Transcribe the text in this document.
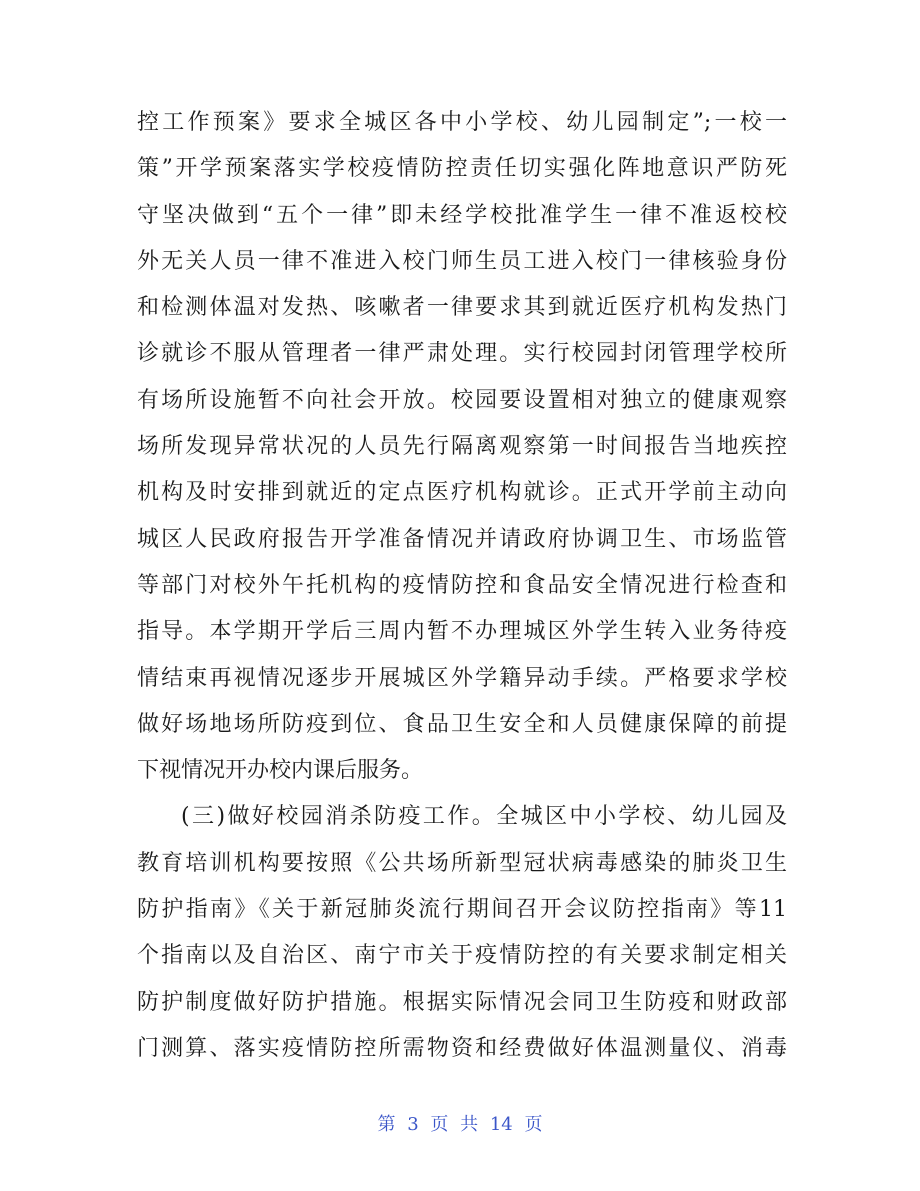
控工作预案》要求全城区各中小学校、幼儿园制定”;一校一
策”开学预案落实学校疫情防控责任切实强化阵地意识严防死
守坚决做到“五个一律”即未经学校批准学生一律不准返校校
外无关人员一律不准进入校门师生员工进入校门一律核验身份
和检测体温对发热、咳嗽者一律要求其到就近医疗机构发热门
诊就诊不服从管理者一律严肃处理。实行校园封闭管理学校所
有场所设施暂不向社会开放。校园要设置相对独立的健康观察
场所发现异常状况的人员先行隔离观察第一时间报告当地疾控
机构及时安排到就近的定点医疗机构就诊。正式开学前主动向
城区人民政府报告开学准备情况并请政府协调卫生、市场监管
等部门对校外午托机构的疫情防控和食品安全情况进行检查和
指导。本学期开学后三周内暂不办理城区外学生转入业务待疫
情结束再视情况逐步开展城区外学籍异动手续。严格要求学校
做好场地场所防疫到位、食品卫生安全和人员健康保障的前提
下视情况开办校内课后服务。
(三)做好校园消杀防疫工作。全城区中小学校、幼儿园及
教育培训机构要按照《公共场所新型冠状病毒感染的肺炎卫生
防护指南》《关于新冠肺炎流行期间召开会议防控指南》等11
个指南以及自治区、南宁市关于疫情防控的有关要求制定相关
防护制度做好防护措施。根据实际情况会同卫生防疫和财政部
门测算、落实疫情防控所需物资和经费做好体温测量仪、消毒
第 3 页 共 14 页
